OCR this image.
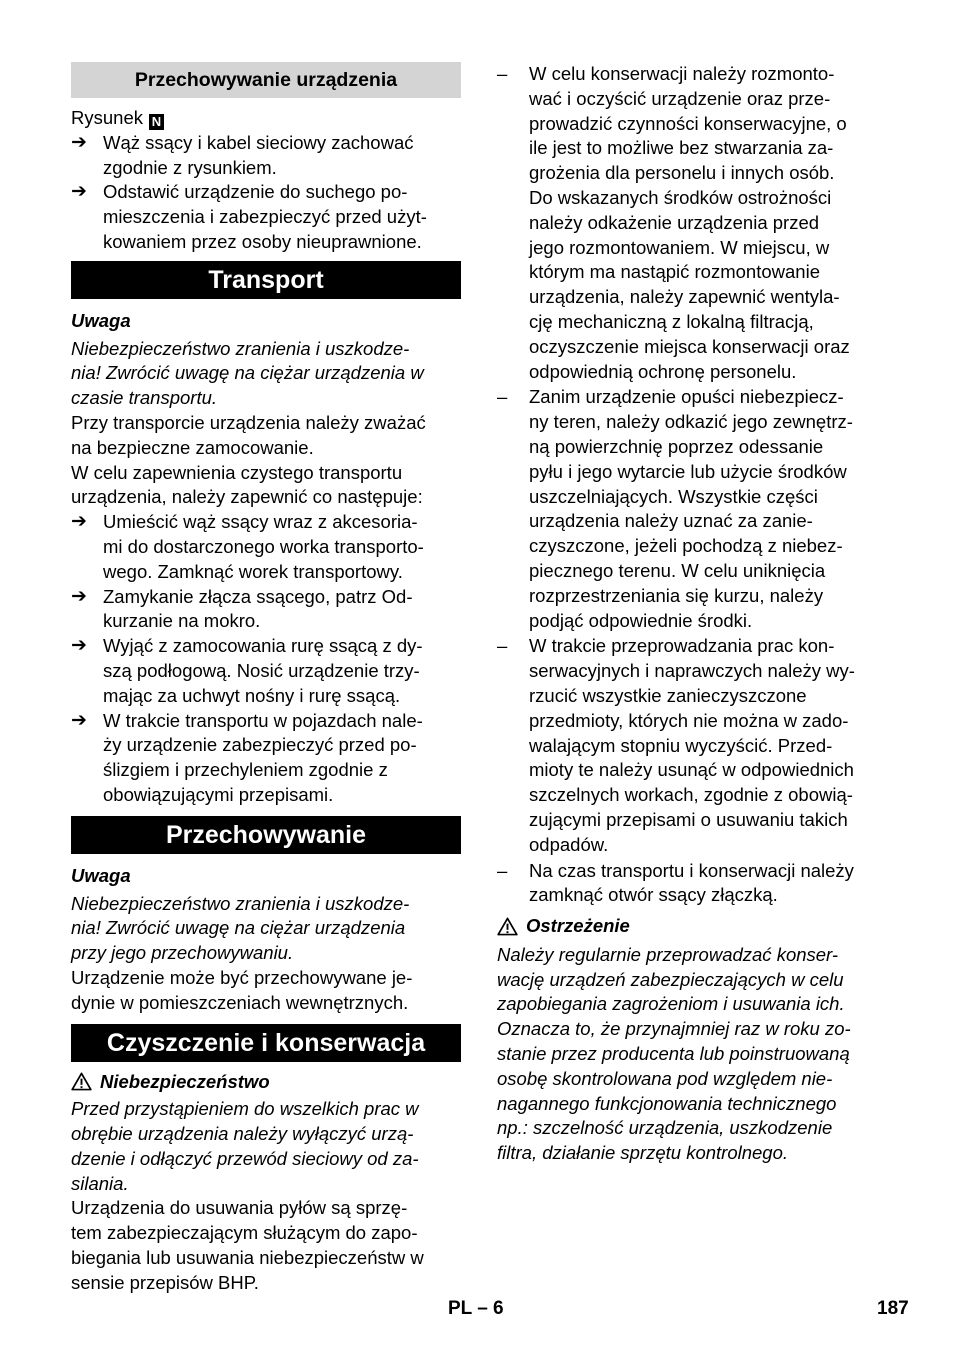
Przechowywanie urządzenia

Rysunek N

➔ Wąż ssący i kabel sieciowy zachować
zgodnie z rysunkiem.

➔ Odstawić urządzenie do suchego po-
mieszczenia i zabezpieczyć przed użyt-
kowaniem przez osoby nieuprawnione.

Transport

Uwaga

Niebezpieczeństwo zranienia i uszkodze-
nia! Zwrócić uwagę na ciężar urządzenia w
czasie transportu.

Przy transporcie urządzenia należy zważać
na bezpieczne zamocowanie.

W celu zapewnienia czystego transportu
urządzenia, należy zapewnić co następuje:

➔ Umieścić wąż ssący wraz z akcesoria-
mi do dostarczonego worka transporto-
wego. Zamknąć worek transportowy.

➔ Zamykanie złącza ssącego, patrz Od-
kurzanie na mokro.

➔ Wyjąć z zamocowania rurę ssącą z dy-
szą podłogową. Nosić urządzenie trzy-
mając za uchwyt nośny i rurę ssącą.

➔ W trakcie transportu w pojazdach nale-
ży urządzenie zabezpieczyć przed po-
ślizgiem i przechyleniem zgodnie z
obowiązującymi przepisami.

Przechowywanie

Uwaga

Niebezpieczeństwo zranienia i uszkodze-
nia! Zwrócić uwagę na ciężar urządzenia
przy jego przechowywaniu.

Urządzenie może być przechowywane je-
dynie w pomieszczeniach wewnętrznych.

Czyszczenie i konserwacja
Niebezpieczeństwo

Przed przystąpieniem do wszelkich prac w
obrębie urządzenia należy wyłączyć urzą-
dzenie i odłączyć przewód sieciowy od za-
silania.

Urządzenia do usuwania pyłów są sprzę-
tem zabezpieczającym służącym do zapo-
biegania lub usuwania niebezpieczeństw w
sensie przepisów BHP.

–	W celu konserwacji należy rozmonto-
wać i oczyścić urządzenie oraz prze-
prowadzić czynności konserwacyjne, o
ile jest to możliwe bez stwarzania za-
grożenia dla personelu i innych osób.
Do wskazanych środków ostrożności
należy odkażenie urządzenia przed
jego rozmontowaniem. W miejscu, w
którym ma nastąpić rozmontowanie
urządzenia, należy zapewnić wentyla-
cję mechaniczną z lokalną filtracją,
oczyszczenie miejsca konserwacji oraz
odpowiednią ochronę personelu.

–	Zanim urządzenie opuści niebezpiecz-
ny teren, należy odkazić jego zewnętrz-
ną powierzchnię poprzez odessanie
pyłu i jego wytarcie lub użycie środków
uszczelniających. Wszystkie części
urządzenia należy uznać za zanie-
czyszczone, jeżeli pochodzą z niebez-
piecznego terenu. W celu uniknięcia
rozprzestrzeniania się kurzu, należy
podjąć odpowiednie środki.

–	W trakcie przeprowadzania prac kon-
serwacyjnych i naprawczych należy wy-
rzucić wszystkie zanieczyszczone
przedmioty, których nie można w zado-
walającym stopniu wyczyścić. Przed-
mioty te należy usunąć w odpowiednich
szczelnych workach, zgodnie z obowią-
zującymi przepisami o usuwaniu takich
odpadów.

–	Na czas transportu i konserwacji należy
zamknąć otwór ssący złączką.

Ostrzeżenie

Należy regularnie przeprowadzać konser-
wację urządzeń zabezpieczających w celu
zapobiegania zagrożeniom i usuwania ich.
Oznacza to, że przynajmniej raz w roku zo-
stanie przez producenta lub poinstruowaną
osobę skontrolowana pod względem nie-
nagannego funkcjonowania technicznego
np.: szczelność urządzenia, uszkodzenie
filtra, działanie sprzętu kontrolnego.

PL – 6	187
